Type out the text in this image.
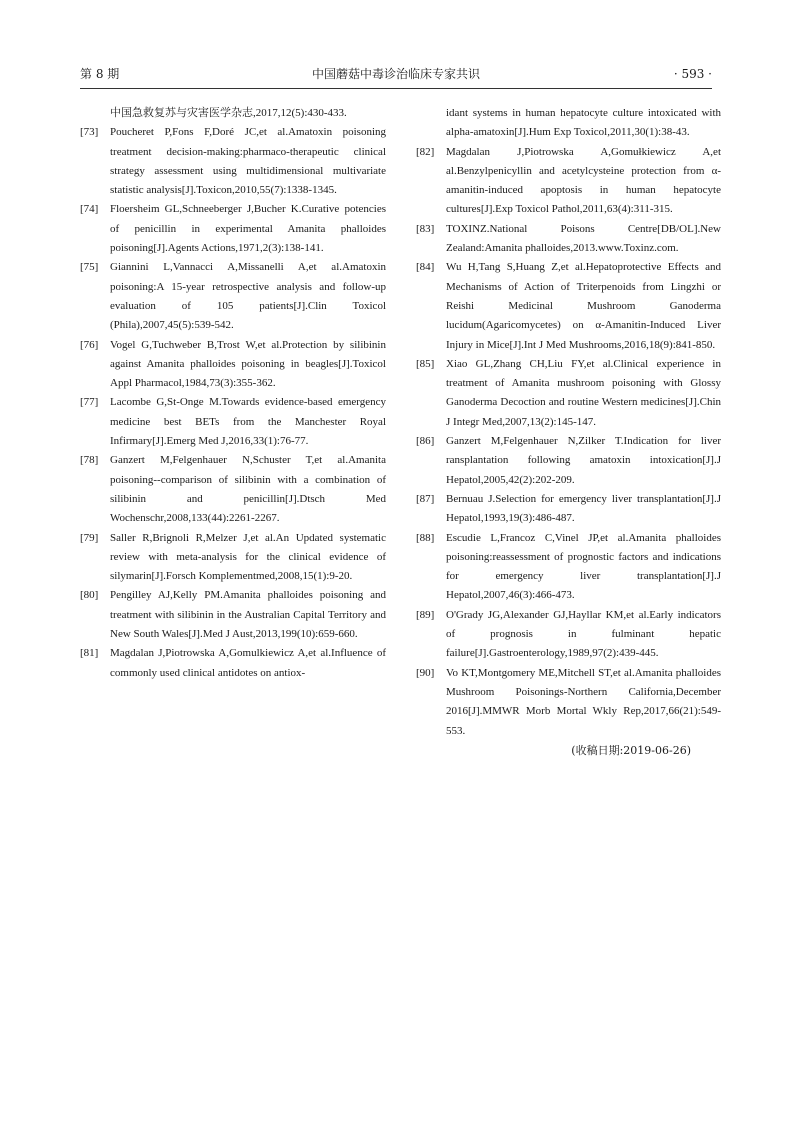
第 8 期	中国蘑菇中毒诊治临床专家共识	· 593 ·
中国急救复苏与灾害医学杂志,2017,12(5):430-433.
[73] Poucheret P,Fons F,Doré JC,et al.Amatoxin poisoning treatment decision-making:pharmaco-therapeutic clinical strategy assessment using multidimensional multivariate statistic analysis[J].Toxicon,2010,55(7):1338-1345.
[74] Floersheim GL,Schneeberger J,Bucher K.Curative potencies of penicillin in experimental Amanita phalloides poisoning[J].Agents Actions,1971,2(3):138-141.
[75] Giannini L,Vannacci A,Missanelli A,et al.Amatoxin poisoning:A 15-year retrospective analysis and follow-up evaluation of 105 patients[J].Clin Toxicol (Phila),2007,45(5):539-542.
[76] Vogel G,Tuchweber B,Trost W,et al.Protection by silibinin against Amanita phalloides poisoning in beagles[J].Toxicol Appl Pharmacol,1984,73(3):355-362.
[77] Lacombe G,St-Onge M.Towards evidence-based emergency medicine best BETs from the Manchester Royal Infirmary[J].Emerg Med J,2016,33(1):76-77.
[78] Ganzert M,Felgenhauer N,Schuster T,et al.Amanita poisoning--comparison of silibinin with a combination of silibinin and penicillin[J].Dtsch Med Wochenschr,2008,133(44):2261-2267.
[79] Saller R,Brignoli R,Melzer J,et al.An Updated systematic review with meta-analysis for the clinical evidence of silymarin[J].Forsch Komplementmed,2008,15(1):9-20.
[80] Pengilley AJ,Kelly PM.Amanita phalloides poisoning and treatment with silibinin in the Australian Capital Territory and New South Wales[J].Med J Aust,2013,199(10):659-660.
[81] Magdalan J,Piotrowska A,Gomulkiewicz A,et al.Influence of commonly used clinical antidotes on antiox-
idant systems in human hepatocyte culture intoxicated with alpha-amatoxin[J].Hum Exp Toxicol,2011,30(1):38-43.
[82] Magdalan J,Piotrowska A,Gomułkiewicz A,et al.Benzylpenicyllin and acetylcysteine protection from α-amanitin-induced apoptosis in human hepatocyte cultures[J].Exp Toxicol Pathol,2011,63(4):311-315.
[83] TOXINZ.National Poisons Centre[DB/OL].New Zealand:Amanita phalloides,2013.www.Toxinz.com.
[84] Wu H,Tang S,Huang Z,et al.Hepatoprotective Effects and Mechanisms of Action of Triterpenoids from Lingzhi or Reishi Medicinal Mushroom Ganoderma lucidum(Agaricomycetes) on α-Amanitin-Induced Liver Injury in Mice[J].Int J Med Mushrooms,2016,18(9):841-850.
[85] Xiao GL,Zhang CH,Liu FY,et al.Clinical experience in treatment of Amanita mushroom poisoning with Glossy Ganoderma Decoction and routine Western medicines[J].Chin J Integr Med,2007,13(2):145-147.
[86] Ganzert M,Felgenhauer N,Zilker T.Indication for liver ransplantation following amatoxin intoxication[J].J Hepatol,2005,42(2):202-209.
[87] Bernuau J.Selection for emergency liver transplantation[J].J Hepatol,1993,19(3):486-487.
[88] Escudie L,Francoz C,Vinel JP,et al.Amanita phalloides poisoning:reassessment of prognostic factors and indications for emergency liver transplantation[J].J Hepatol,2007,46(3):466-473.
[89] O'Grady JG,Alexander GJ,Hayllar KM,et al.Early indicators of prognosis in fulminant hepatic failure[J].Gastroenterology,1989,97(2):439-445.
[90] Vo KT,Montgomery ME,Mitchell ST,et al.Amanita phalloides Mushroom Poisonings-Northern California,December 2016[J].MMWR Morb Mortal Wkly Rep,2017,66(21):549-553.
(收稿日期:2019-06-26)
